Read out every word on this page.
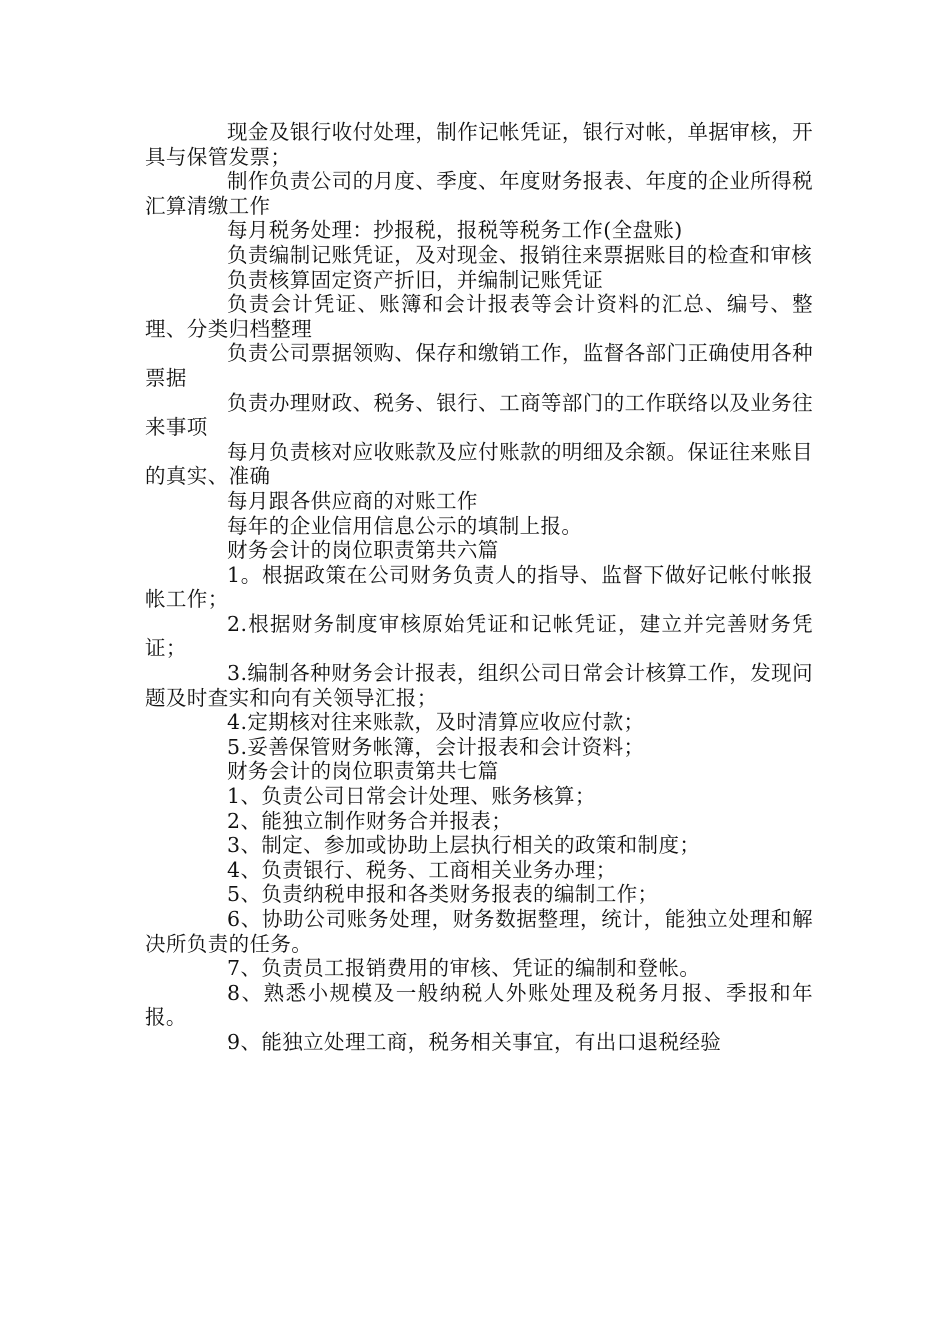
现金及银行收付处理，制作记帐凭证，银行对帐，单据审核，开具与保管发票；

制作负责公司的月度、季度、年度财务报表、年度的企业所得税汇算清缴工作

每月税务处理：抄报税，报税等税务工作(全盘账)

负责编制记账凭证，及对现金、报销往来票据账目的检查和审核

负责核算固定资产折旧，并编制记账凭证

负责会计凭证、账簿和会计报表等会计资料的汇总、编号、整理、分类归档整理

负责公司票据领购、保存和缴销工作，监督各部门正确使用各种票据

负责办理财政、税务、银行、工商等部门的工作联络以及业务往来事项

每月负责核对应收账款及应付账款的明细及余额。保证往来账目的真实、准确

每月跟各供应商的对账工作

每年的企业信用信息公示的填制上报。

财务会计的岗位职责第共六篇

1。根据政策在公司财务负责人的指导、监督下做好记帐付帐报帐工作；

2.根据财务制度审核原始凭证和记帐凭证，建立并完善财务凭证；

3.编制各种财务会计报表，组织公司日常会计核算工作，发现问题及时查实和向有关领导汇报；

4.定期核对往来账款，及时清算应收应付款；

5.妥善保管财务帐簿，会计报表和会计资料；

财务会计的岗位职责第共七篇

1、负责公司日常会计处理、账务核算；

2、能独立制作财务合并报表；

3、制定、参加或协助上层执行相关的政策和制度；

4、负责银行、税务、工商相关业务办理；

5、负责纳税申报和各类财务报表的编制工作；

6、协助公司账务处理，财务数据整理，统计，能独立处理和解决所负责的任务。

7、负责员工报销费用的审核、凭证的编制和登帐。

8、熟悉小规模及一般纳税人外账处理及税务月报、季报和年报。

9、能独立处理工商，税务相关事宜，有出口退税经验
